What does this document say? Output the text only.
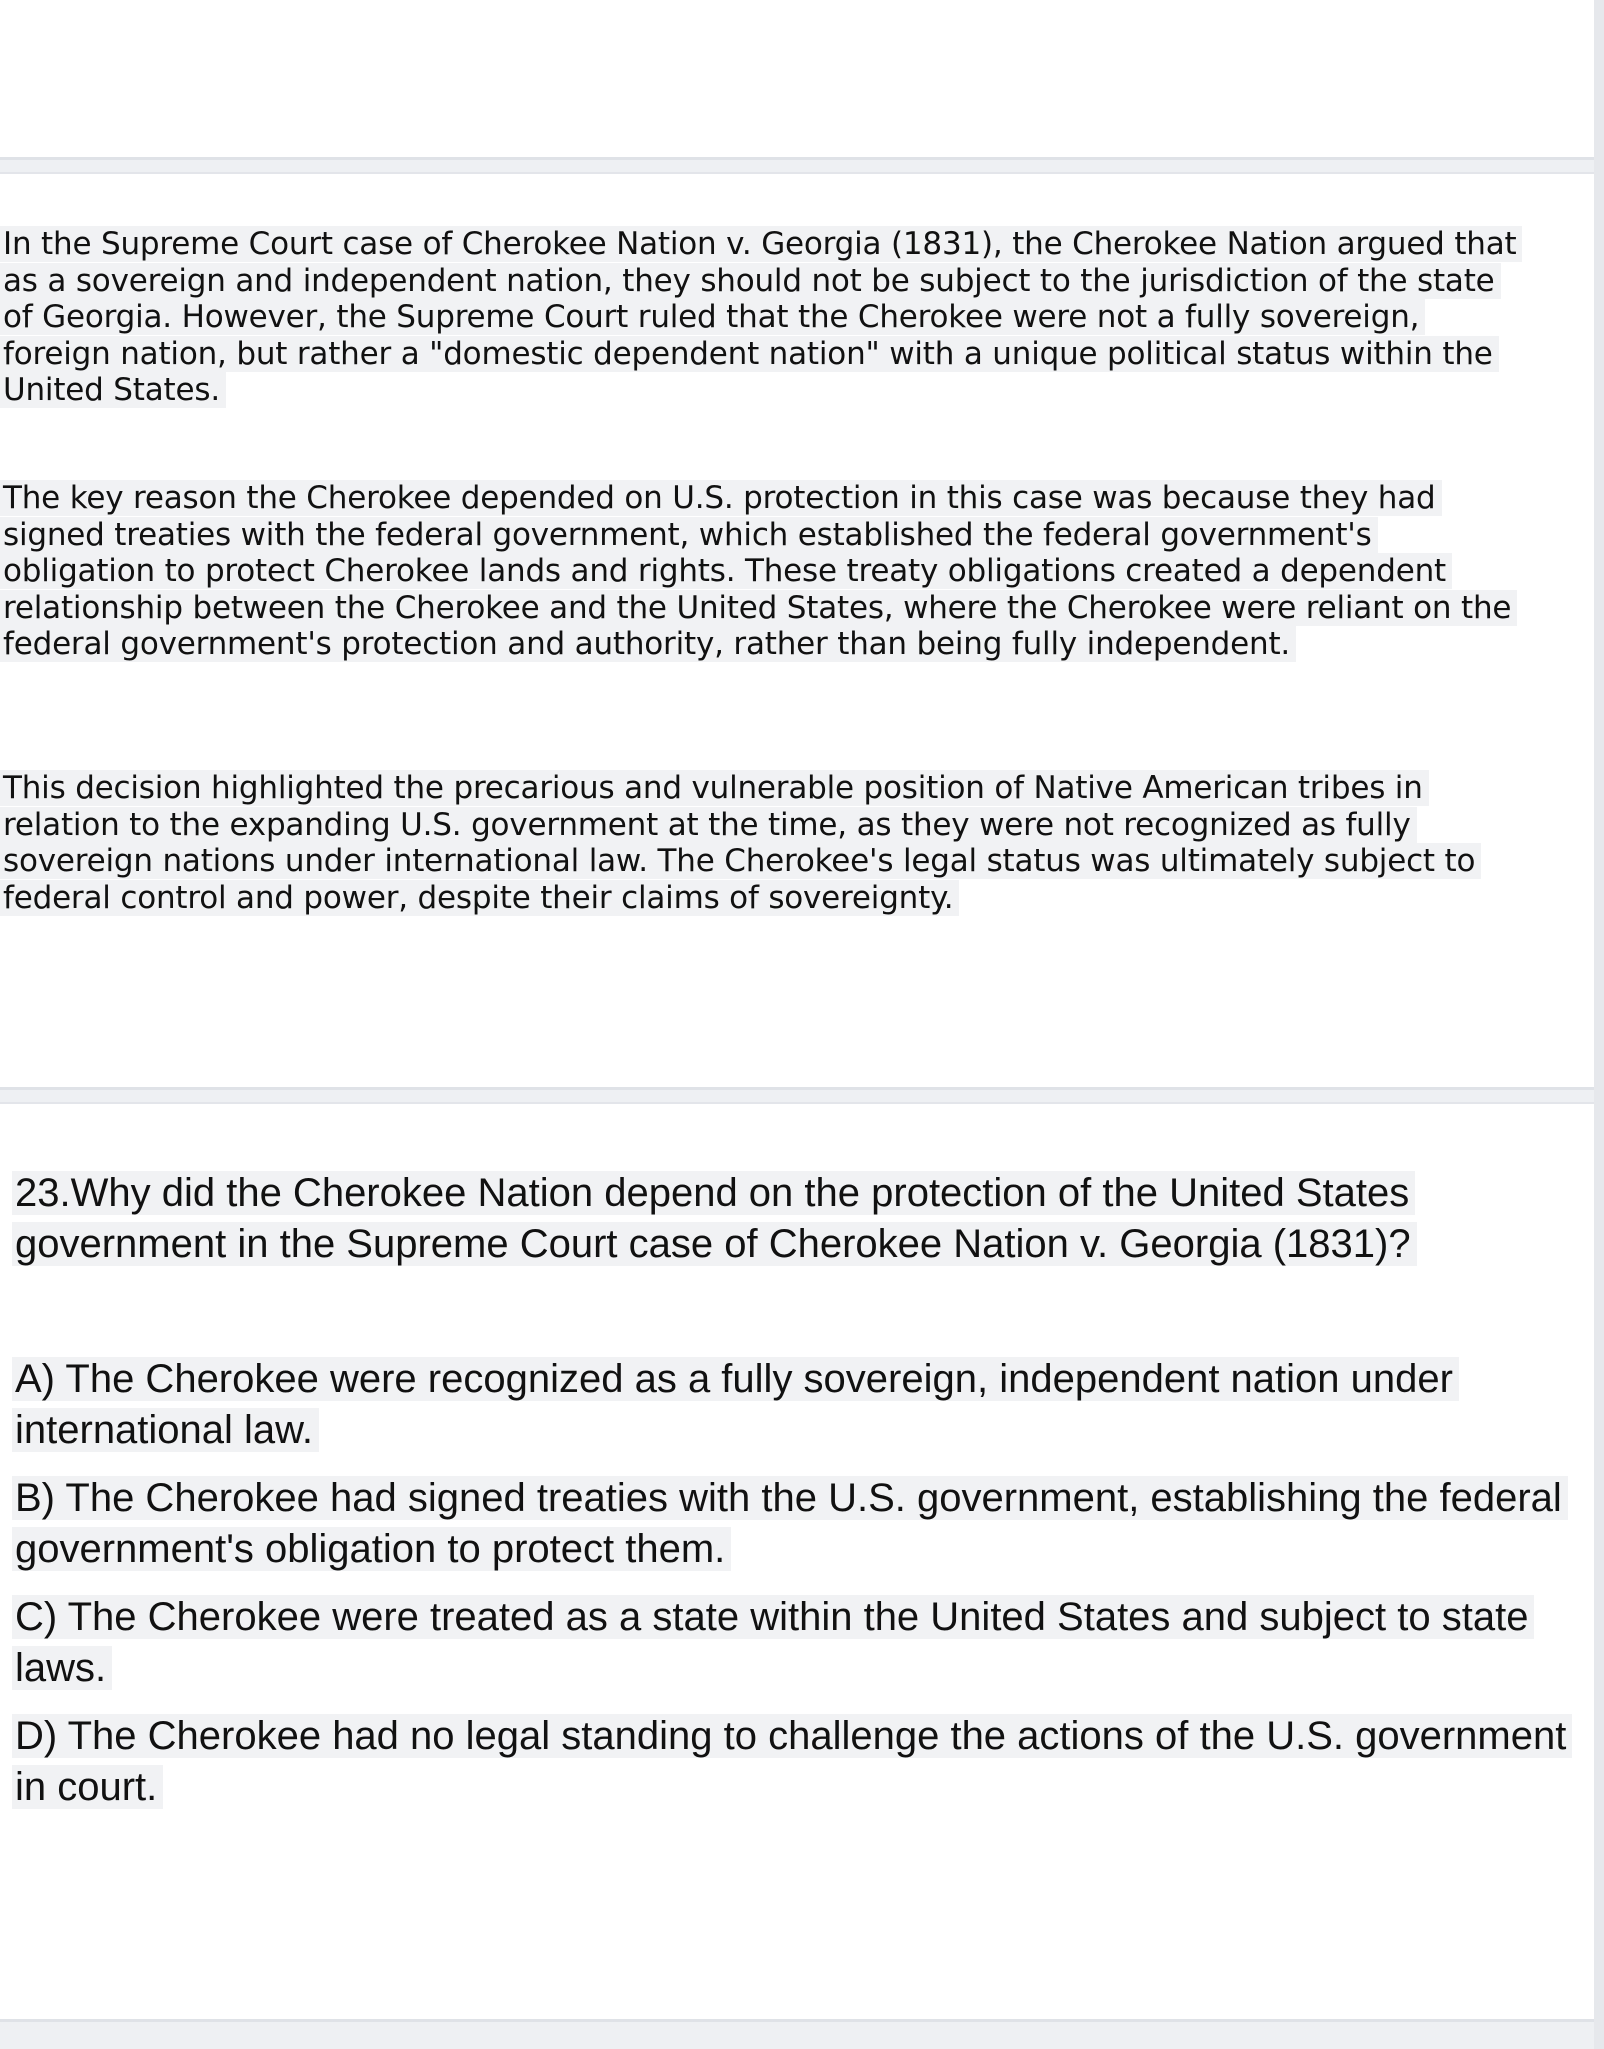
In the Supreme Court case of Cherokee Nation v. Georgia (1831), the Cherokee Nation argued that as a sovereign and independent nation, they should not be subject to the jurisdiction of the state of Georgia. However, the Supreme Court ruled that the Cherokee were not a fully sovereign, foreign nation, but rather a "domestic dependent nation" with a unique political status within the United States.

The key reason the Cherokee depended on U.S. protection in this case was because they had signed treaties with the federal government, which established the federal government's obligation to protect Cherokee lands and rights. These treaty obligations created a dependent relationship between the Cherokee and the United States, where the Cherokee were reliant on the federal government's protection and authority, rather than being fully independent.

This decision highlighted the precarious and vulnerable position of Native American tribes in relation to the expanding U.S. government at the time, as they were not recognized as fully sovereign nations under international law. The Cherokee's legal status was ultimately subject to federal control and power, despite their claims of sovereignty.

23.Why did the Cherokee Nation depend on the protection of the United States government in the Supreme Court case of Cherokee Nation v. Georgia (1831)?

A) The Cherokee were recognized as a fully sovereign, independent nation under international law.

B) The Cherokee had signed treaties with the U.S. government, establishing the federal government's obligation to protect them.

C) The Cherokee were treated as a state within the United States and subject to state laws.

D) The Cherokee had no legal standing to challenge the actions of the U.S. government in court.
